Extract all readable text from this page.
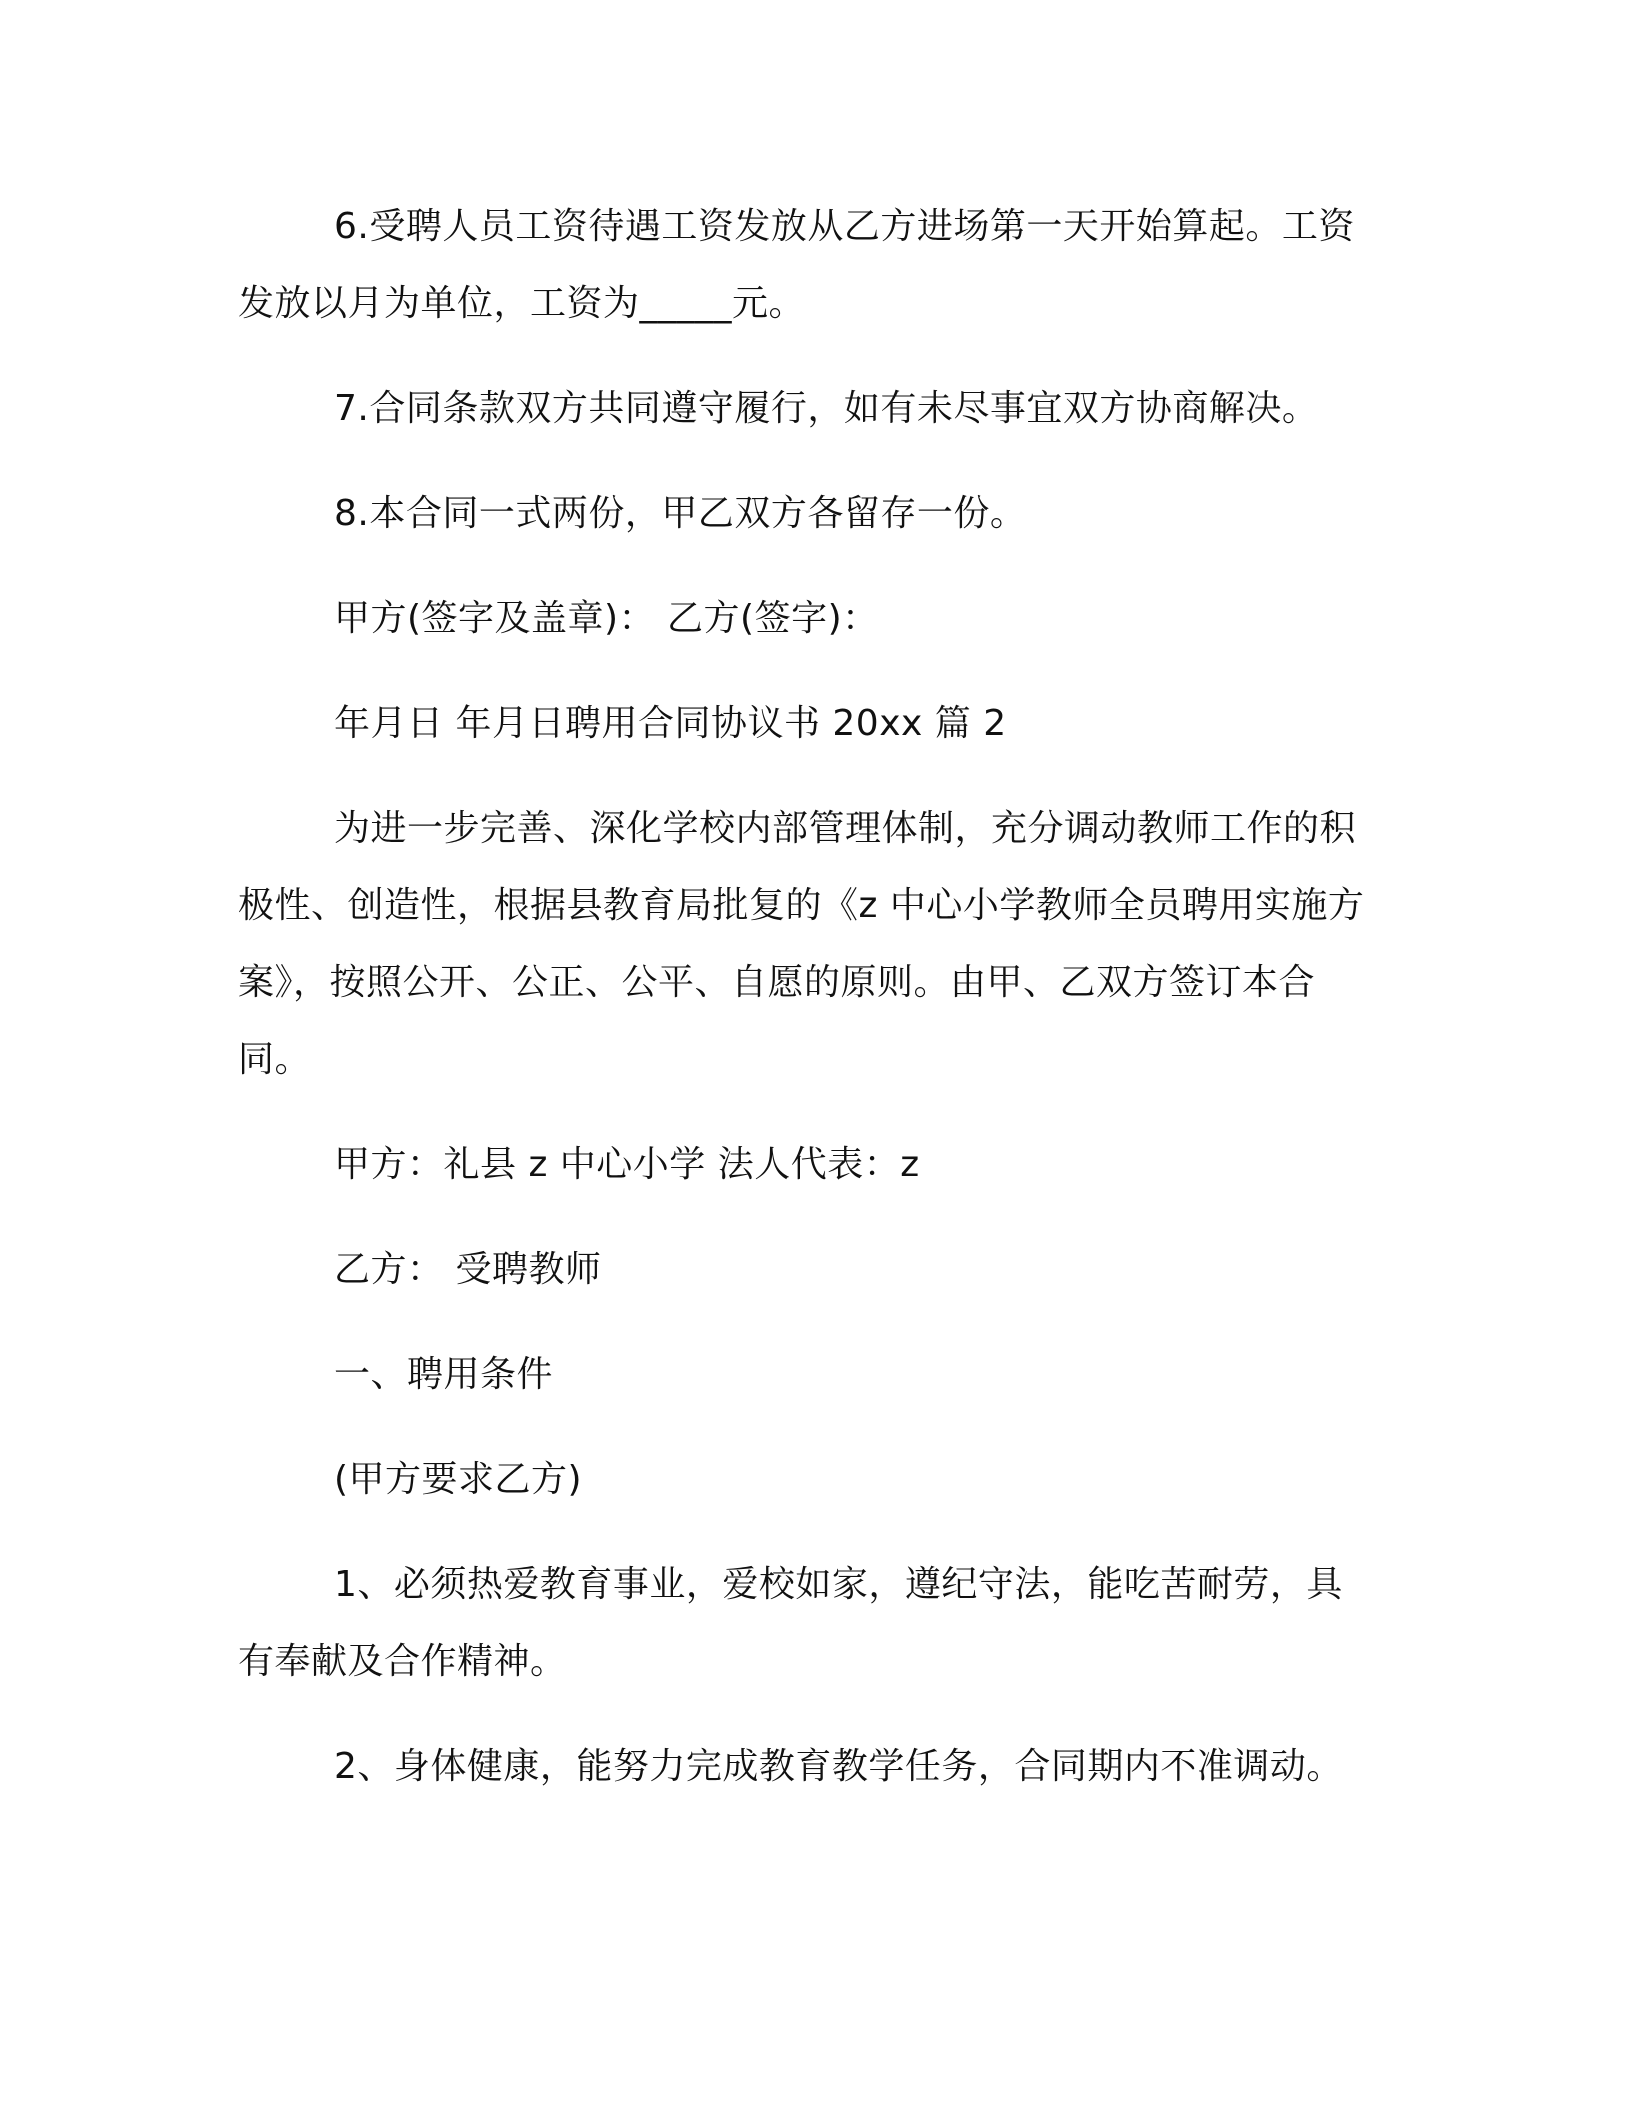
6.受聘人员工资待遇工资发放从乙方进场第一天开始算起。工资发放以月为单位，工资为_____元。

7.合同条款双方共同遵守履行，如有未尽事宜双方协商解决。

8.本合同一式两份，甲乙双方各留存一份。

甲方(签字及盖章)： 乙方(签字)：

年月日 年月日聘用合同协议书 20xx 篇 2

为进一步完善、深化学校内部管理体制，充分调动教师工作的积极性、创造性，根据县教育局批复的《z 中心小学教师全员聘用实施方案》，按照公开、公正、公平、自愿的原则。由甲、乙双方签订本合同。

甲方：礼县 z 中心小学 法人代表：z

乙方： 受聘教师

一、聘用条件

(甲方要求乙方)

1、必须热爱教育事业，爱校如家，遵纪守法，能吃苦耐劳，具有奉献及合作精神。

2、身体健康，能努力完成教育教学任务，合同期内不准调动。
